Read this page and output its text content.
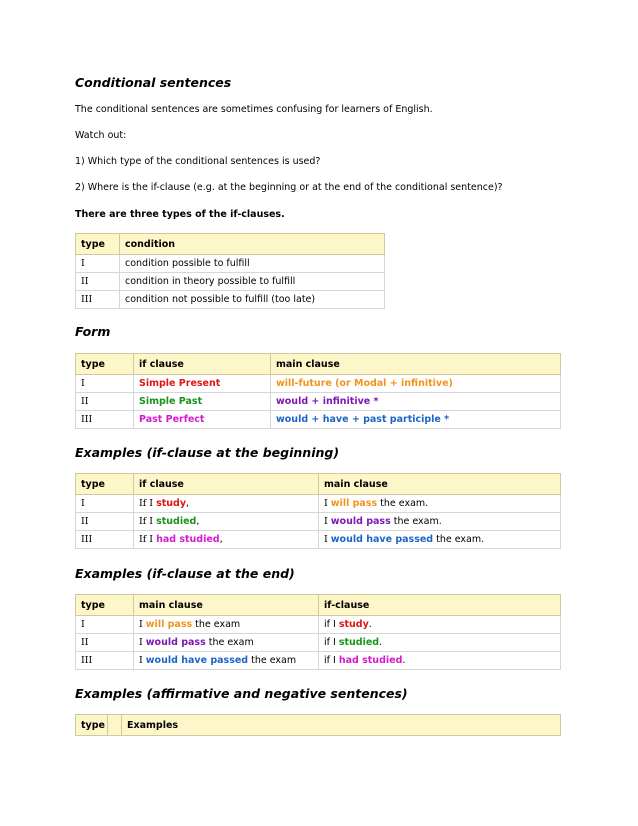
Conditional sentences

The conditional sentences are sometimes confusing for learners of English.

Watch out:

1) Which type of the conditional sentences is used?

2) Where is the if-clause (e.g. at the beginning or at the end of the conditional sentence)?

There are three types of the if-clauses.

type	condition
I	condition possible to fulfill
II	condition in theory possible to fulfill
III	condition not possible to fulfill (too late)
Form
type	if clause	main clause
I	Simple Present	will-future (or Modal + infinitive)
II	Simple Past	would + infinitive *
III	Past Perfect	would + have + past participle *
Examples (if-clause at the beginning)
type	if clause	main clause
I	If I study,	I will pass the exam.
II	If I studied,	I would pass the exam.
III	If I had studied,	I would have passed the exam.
Examples (if-clause at the end)
type	main clause	if-clause
I	I will pass the exam	if I study.
II	I would pass the exam	if I studied.
III	I would have passed the exam	if I had studied.
Examples (affirmative and negative sentences)
type		Examples
